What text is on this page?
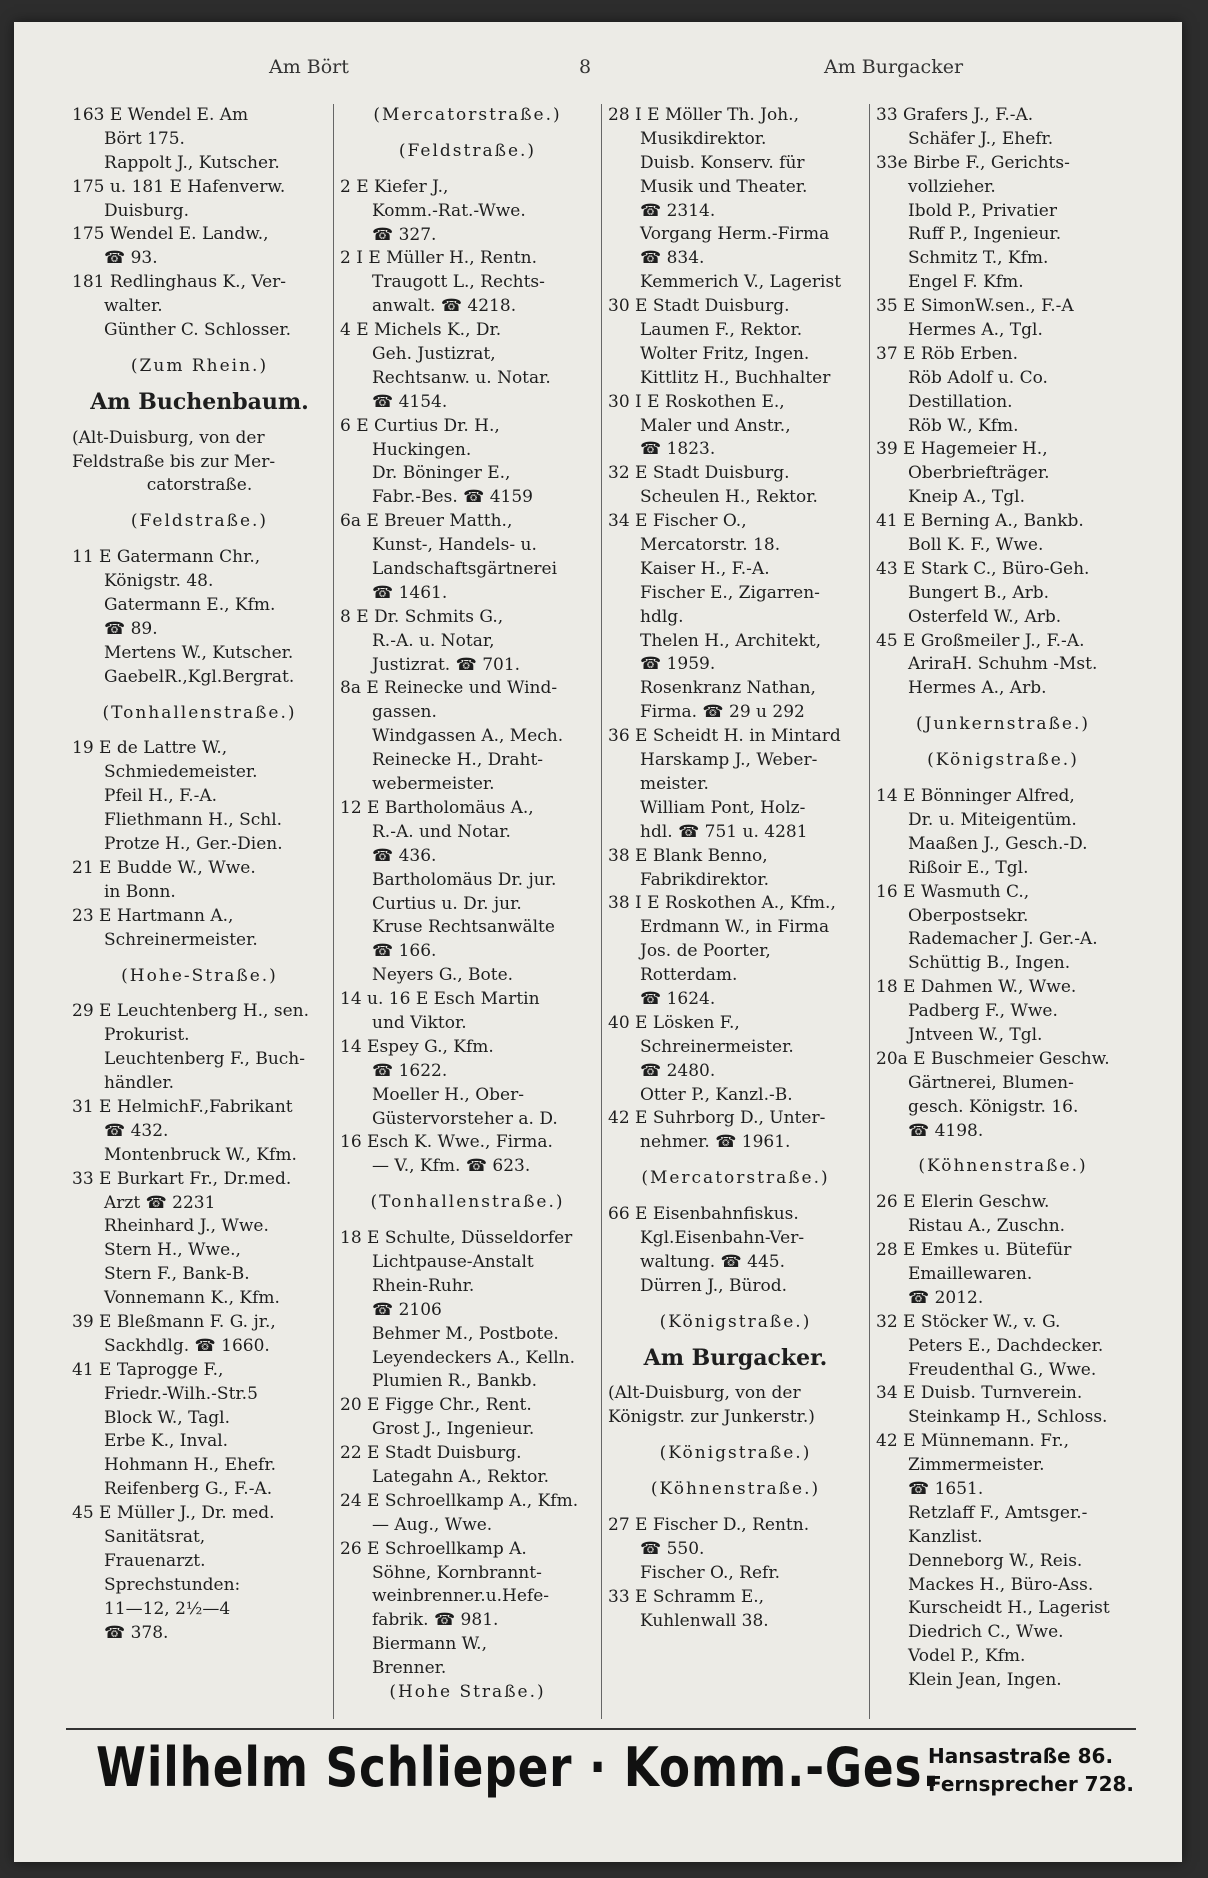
Am Bört	8	Am Burgacker
163 E Wendel E. Am
Bört 175.
Rappolt J., Kutscher.
175 u. 181 E Hafenverw.
Duisburg.
175 Wendel E. Landw.,
☎ 93.
181 Redlinghaus K., Ver-
walter.
Günther C. Schlosser.
(Zum Rhein.)
Am Buchenbaum.
(Alt-Duisburg, von der
Feldstraße bis zur Mer-
catorstraße.
(Feldstraße.)
11 E Gatermann Chr.,
Königstr. 48.
Gatermann E., Kfm.
☎ 89.
Mertens W., Kutscher.
GaebelR.,Kgl.Bergrat.
(Tonhallenstraße.)
19 E de Lattre W.,
Schmiedemeister.
Pfeil H., F.-A.
Fliethmann H., Schl.
Protze H., Ger.-Dien.
21 E Budde W., Wwe.
in Bonn.
23 E Hartmann A.,
Schreinermeister.
(Hohe-Straße.)
29 E Leuchtenberg H., sen.
Prokurist.
Leuchtenberg F., Buch-
händler.
31 E HelmichF.,Fabrikant
☎ 432.
Montenbruck W., Kfm.
33 E Burkart Fr., Dr.med.
Arzt ☎ 2231
Rheinhard J., Wwe.
Stern H., Wwe.,
Stern F., Bank-B.
Vonnemann K., Kfm.
39 E Bleßmann F. G. jr.,
Sackhdlg. ☎ 1660.
41 E Taprogge F.,
Friedr.-Wilh.-Str.5
Block W., Tagl.
Erbe K., Inval.
Hohmann H., Ehefr.
Reifenberg G., F.-A.
45 E Müller J., Dr. med.
Sanitätsrat,
Frauenarzt.
Sprechstunden:
11—12, 2½—4
☎ 378.
(Mercatorstraße.)
(Feldstraße.)
2 E Kiefer J.,
Komm.-Rat.-Wwe.
☎ 327.
2 I E Müller H., Rentn.
Traugott L., Rechts-
anwalt. ☎ 4218.
4 E Michels K., Dr.
Geh. Justizrat,
Rechtsanw. u. Notar.
☎ 4154.
6 E Curtius Dr. H.,
Huckingen.
Dr. Böninger E.,
Fabr.-Bes. ☎ 4159
6a E Breuer Matth.,
Kunst-, Handels- u.
Landschaftsgärtnerei
☎ 1461.
8 E Dr. Schmits G.,
R.-A. u. Notar,
Justizrat. ☎ 701.
8a E Reinecke und Wind-
gassen.
Windgassen A., Mech.
Reinecke H., Draht-
webermeister.
12 E Bartholomäus A.,
R.-A. und Notar.
☎ 436.
Bartholomäus Dr. jur.
Curtius u. Dr. jur.
Kruse Rechtsanwälte
☎ 166.
Neyers G., Bote.
14 u. 16 E Esch Martin
und Viktor.
14 Espey G., Kfm.
☎ 1622.
Moeller H., Ober-
Güstervorsteher a. D.
16 Esch K. Wwe., Firma.
— V., Kfm. ☎ 623.
(Tonhallenstraße.)
18 E Schulte, Düsseldorfer
Lichtpause-Anstalt
Rhein-Ruhr.
☎ 2106
Behmer M., Postbote.
Leyendeckers A., Kelln.
Plumien R., Bankb.
20 E Figge Chr., Rent.
Grost J., Ingenieur.
22 E Stadt Duisburg.
Lategahn A., Rektor.
24 E Schroellkamp A., Kfm.
— Aug., Wwe.
26 E Schroellkamp A.
Söhne, Kornbrannt-
weinbrenner.u.Hefe-
fabrik. ☎ 981.
Biermann W.,
Brenner.
(Hohe Straße.)
28 I E Möller Th. Joh.,
Musikdirektor.
Duisb. Konserv. für
Musik und Theater.
☎ 2314.
Vorgang Herm.-Firma
☎ 834.
Kemmerich V., Lagerist
30 E Stadt Duisburg.
Laumen F., Rektor.
Wolter Fritz, Ingen.
Kittlitz H., Buchhalter
30 I E Roskothen E.,
Maler und Anstr.,
☎ 1823.
32 E Stadt Duisburg.
Scheulen H., Rektor.
34 E Fischer O.,
Mercatorstr. 18.
Kaiser H., F.-A.
Fischer E., Zigarren-
hdlg.
Thelen H., Architekt,
☎ 1959.
Rosenkranz Nathan,
Firma. ☎ 29 u 292
36 E Scheidt H. in Mintard
Harskamp J., Weber-
meister.
William Pont, Holz-
hdl. ☎ 751 u. 4281
38 E Blank Benno,
Fabrikdirektor.
38 I E Roskothen A., Kfm.,
Erdmann W., in Firma
Jos. de Poorter,
Rotterdam.
☎ 1624.
40 E Lösken F.,
Schreinermeister.
☎ 2480.
Otter P., Kanzl.-B.
42 E Suhrborg D., Unter-
nehmer. ☎ 1961.
(Mercatorstraße.)
66 E Eisenbahnfiskus.
Kgl.Eisenbahn-Ver-
waltung. ☎ 445.
Dürren J., Bürod.
(Königstraße.)
Am Burgacker.
(Alt-Duisburg, von der
Königstr. zur Junkerstr.)
(Königstraße.)
(Köhnenstraße.)
27 E Fischer D., Rentn.
☎ 550.
Fischer O., Refr.
33 E Schramm E.,
Kuhlenwall 38.
33 Grafers J., F.-A.
Schäfer J., Ehefr.
33e Birbe F., Gerichts-
vollzieher.
Ibold P., Privatier
Ruff P., Ingenieur.
Schmitz T., Kfm.
Engel F. Kfm.
35 E SimonW.sen., F.-A
Hermes A., Tgl.
37 E Röb Erben.
Röb Adolf u. Co.
Destillation.
Röb W., Kfm.
39 E Hagemeier H.,
Oberbriefträger.
Kneip A., Tgl.
41 E Berning A., Bankb.
Boll K. F., Wwe.
43 E Stark C., Büro-Geh.
Bungert B., Arb.
Osterfeld W., Arb.
45 E Großmeiler J., F.-A.
AriraH. Schuhm -Mst.
Hermes A., Arb.
(Junkernstraße.)
(Königstraße.)
14 E Bönninger Alfred,
Dr. u. Miteigentüm.
Maaßen J., Gesch.-D.
Rißoir E., Tgl.
16 E Wasmuth C.,
Oberpostsekr.
Rademacher J. Ger.-A.
Schüttig B., Ingen.
18 E Dahmen W., Wwe.
Padberg F., Wwe.
Jntveen W., Tgl.
20a E Buschmeier Geschw.
Gärtnerei, Blumen-
gesch. Königstr. 16.
☎ 4198.
(Köhnenstraße.)
26 E Elerin Geschw.
Ristau A., Zuschn.
28 E Emkes u. Bütefür
Emaillewaren.
☎ 2012.
32 E Stöcker W., v. G.
Peters E., Dachdecker.
Freudenthal G., Wwe.
34 E Duisb. Turnverein.
Steinkamp H., Schloss.
42 E Münnemann. Fr.,
Zimmermeister.
☎ 1651.
Retzlaff F., Amtsger.-
Kanzlist.
Denneborg W., Reis.
Mackes H., Büro-Ass.
Kurscheidt H., Lagerist
Diedrich C., Wwe.
Vodel P., Kfm.
Klein Jean, Ingen.
Wilhelm Schlieper · Komm.-Ges.
Hansastraße 86.
Fernsprecher 728.
